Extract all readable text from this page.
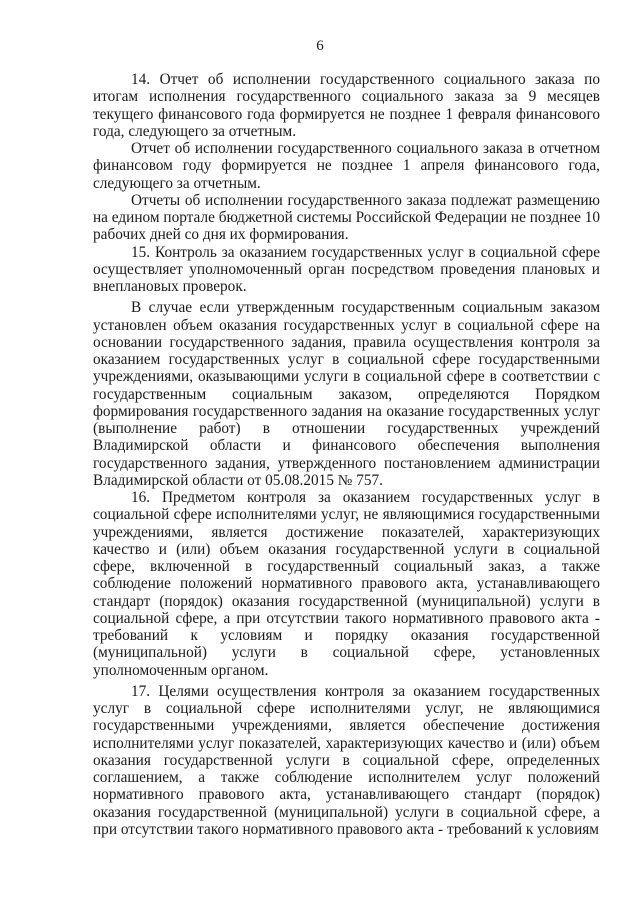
6

14. Отчет об исполнении государственного социального заказа по итогам исполнения государственного социального заказа за 9 месяцев текущего финансового года формируется не позднее 1 февраля финансового года, следующего за отчетным.

Отчет об исполнении государственного социального заказа в отчетном финансовом году формируется не позднее 1 апреля финансового года, следующего за отчетным.

Отчеты об исполнении государственного заказа подлежат размещению на едином портале бюджетной системы Российской Федерации не позднее 10 рабочих дней со дня их формирования.

15. Контроль за оказанием государственных услуг в социальной сфере осуществляет уполномоченный орган посредством проведения плановых и внеплановых проверок.

В случае если утвержденным государственным социальным заказом установлен объем оказания государственных услуг в социальной сфере на основании государственного задания, правила осуществления контроля за оказанием государственных услуг в социальной сфере государственными учреждениями, оказывающими услуги в социальной сфере в соответствии с государственным социальным заказом, определяются Порядком формирования государственного задания на оказание государственных услуг (выполнение работ) в отношении государственных учреждений Владимирской области и финансового обеспечения выполнения государственного задания, утвержденного постановлением администрации Владимирской области от 05.08.2015 № 757.

16. Предметом контроля за оказанием государственных услуг в социальной сфере исполнителями услуг, не являющимися государственными учреждениями, является достижение показателей, характеризующих качество и (или) объем оказания государственной услуги в социальной сфере, включенной в государственный социальный заказ, а также соблюдение положений нормативного правового акта, устанавливающего стандарт (порядок) оказания государственной (муниципальной) услуги в социальной сфере, а при отсутствии такого нормативного правового акта - требований к условиям и порядку оказания государственной (муниципальной) услуги в социальной сфере, установленных уполномоченным органом.

17. Целями осуществления контроля за оказанием государственных услуг в социальной сфере исполнителями услуг, не являющимися государственными учреждениями, является обеспечение достижения исполнителями услуг показателей, характеризующих качество и (или) объем оказания государственной услуги в социальной сфере, определенных соглашением, а также соблюдение исполнителем услуг положений нормативного правового акта, устанавливающего стандарт (порядок) оказания государственной (муниципальной) услуги в социальной сфере, а при отсутствии такого нормативного правового акта - требований к условиям
